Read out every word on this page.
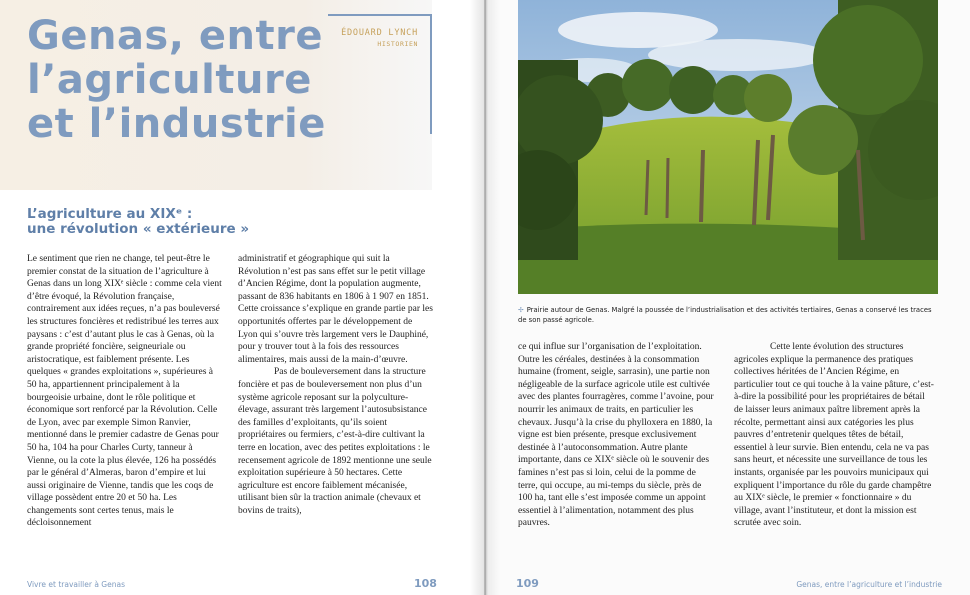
Genas, entre l’agriculture et l’industrie
ÉDOUARD LYNCH
HISTORIEN
L’agriculture au XIXᵉ :
une révolution « extérieure »

Le sentiment que rien ne change, tel peut-être le premier constat de la situation de l’agriculture à Genas dans un long XIXᵉ siècle : comme cela vient d’être évoqué, la Révolution française, contrairement aux idées reçues, n’a pas bouleversé les structures foncières et redistribué les terres aux paysans : c’est d’autant plus le cas à Genas, où la grande propriété foncière, seigneuriale ou aristocratique, est faiblement présente. Les quelques « grandes exploitations », supérieures à 50 ha, appartiennent principalement à la bourgeoisie urbaine, dont le rôle politique et économique sort renforcé par la Révolution. Celle de Lyon, avec par exemple Simon Ranvier, mentionné dans le premier cadastre de Genas pour 50 ha, 104 ha pour Charles Curty, tanneur à Vienne, ou la cote la plus élevée, 126 ha possédés par le général d’Almeras, baron d’empire et lui aussi originaire de Vienne, tandis que les coqs de village possèdent entre 20 et 50 ha. Les changements sont certes tenus, mais le décloisonnement

administratif et géographique qui suit la Révolution n’est pas sans effet sur le petit village d’Ancien Régime, dont la population augmente, passant de 836 habitants en 1806 à 1 907 en 1851. Cette croissance s’explique en grande partie par les opportunités offertes par le développement de Lyon qui s’ouvre très largement vers le Dauphiné, pour y trouver tout à la fois des ressources alimentaires, mais aussi de la main-d’œuvre.

Pas de bouleversement dans la structure foncière et pas de bouleversement non plus d’un système agricole reposant sur la polyculture-élevage, assurant très largement l’autosubsistance des familles d’exploitants, qu’ils soient propriétaires ou fermiers, c’est-à-dire cultivant la terre en location, avec des petites exploitations : le recensement agricole de 1892 mentionne une seule exploitation supérieure à 50 hectares. Cette agriculture est encore faiblement mécanisée, utilisant bien sûr la traction animale (chevaux et bovins de traits),

Vivre et travailler à Genas	108
✢ Prairie autour de Genas. Malgré la poussée de l’industrialisation et des activités tertiaires, Genas a conservé les traces de son passé agricole.

ce qui influe sur l’organisation de l’exploitation. Outre les céréales, destinées à la consommation humaine (froment, seigle, sarrasin), une partie non négligeable de la surface agricole utile est cultivée avec des plantes fourragères, comme l’avoine, pour nourrir les animaux de traits, en particulier les chevaux. Jusqu’à la crise du phylloxera en 1880, la vigne est bien présente, presque exclusivement destinée à l’autoconsommation. Autre plante importante, dans ce XIXᵉ siècle où le souvenir des famines n’est pas si loin, celui de la pomme de terre, qui occupe, au mi-temps du siècle, près de 100 ha, tant elle s’est imposée comme un appoint essentiel à l’alimentation, notamment des plus pauvres.

Cette lente évolution des structures agricoles explique la permanence des pratiques collectives héritées de l’Ancien Régime, en particulier tout ce qui touche à la vaine pâture, c’est-à-dire la possibilité pour les propriétaires de bétail de laisser leurs animaux paître librement après la récolte, permettant ainsi aux catégories les plus pauvres d’entretenir quelques têtes de bétail, essentiel à leur survie. Bien entendu, cela ne va pas sans heurt, et nécessite une surveillance de tous les instants, organisée par les pouvoirs municipaux qui expliquent l’importance du rôle du garde champêtre au XIXᵉ siècle, le premier « fonctionnaire » du village, avant l’instituteur, et dont la mission est scrutée avec soin.

109	Genas, entre l’agriculture et l’industrie
